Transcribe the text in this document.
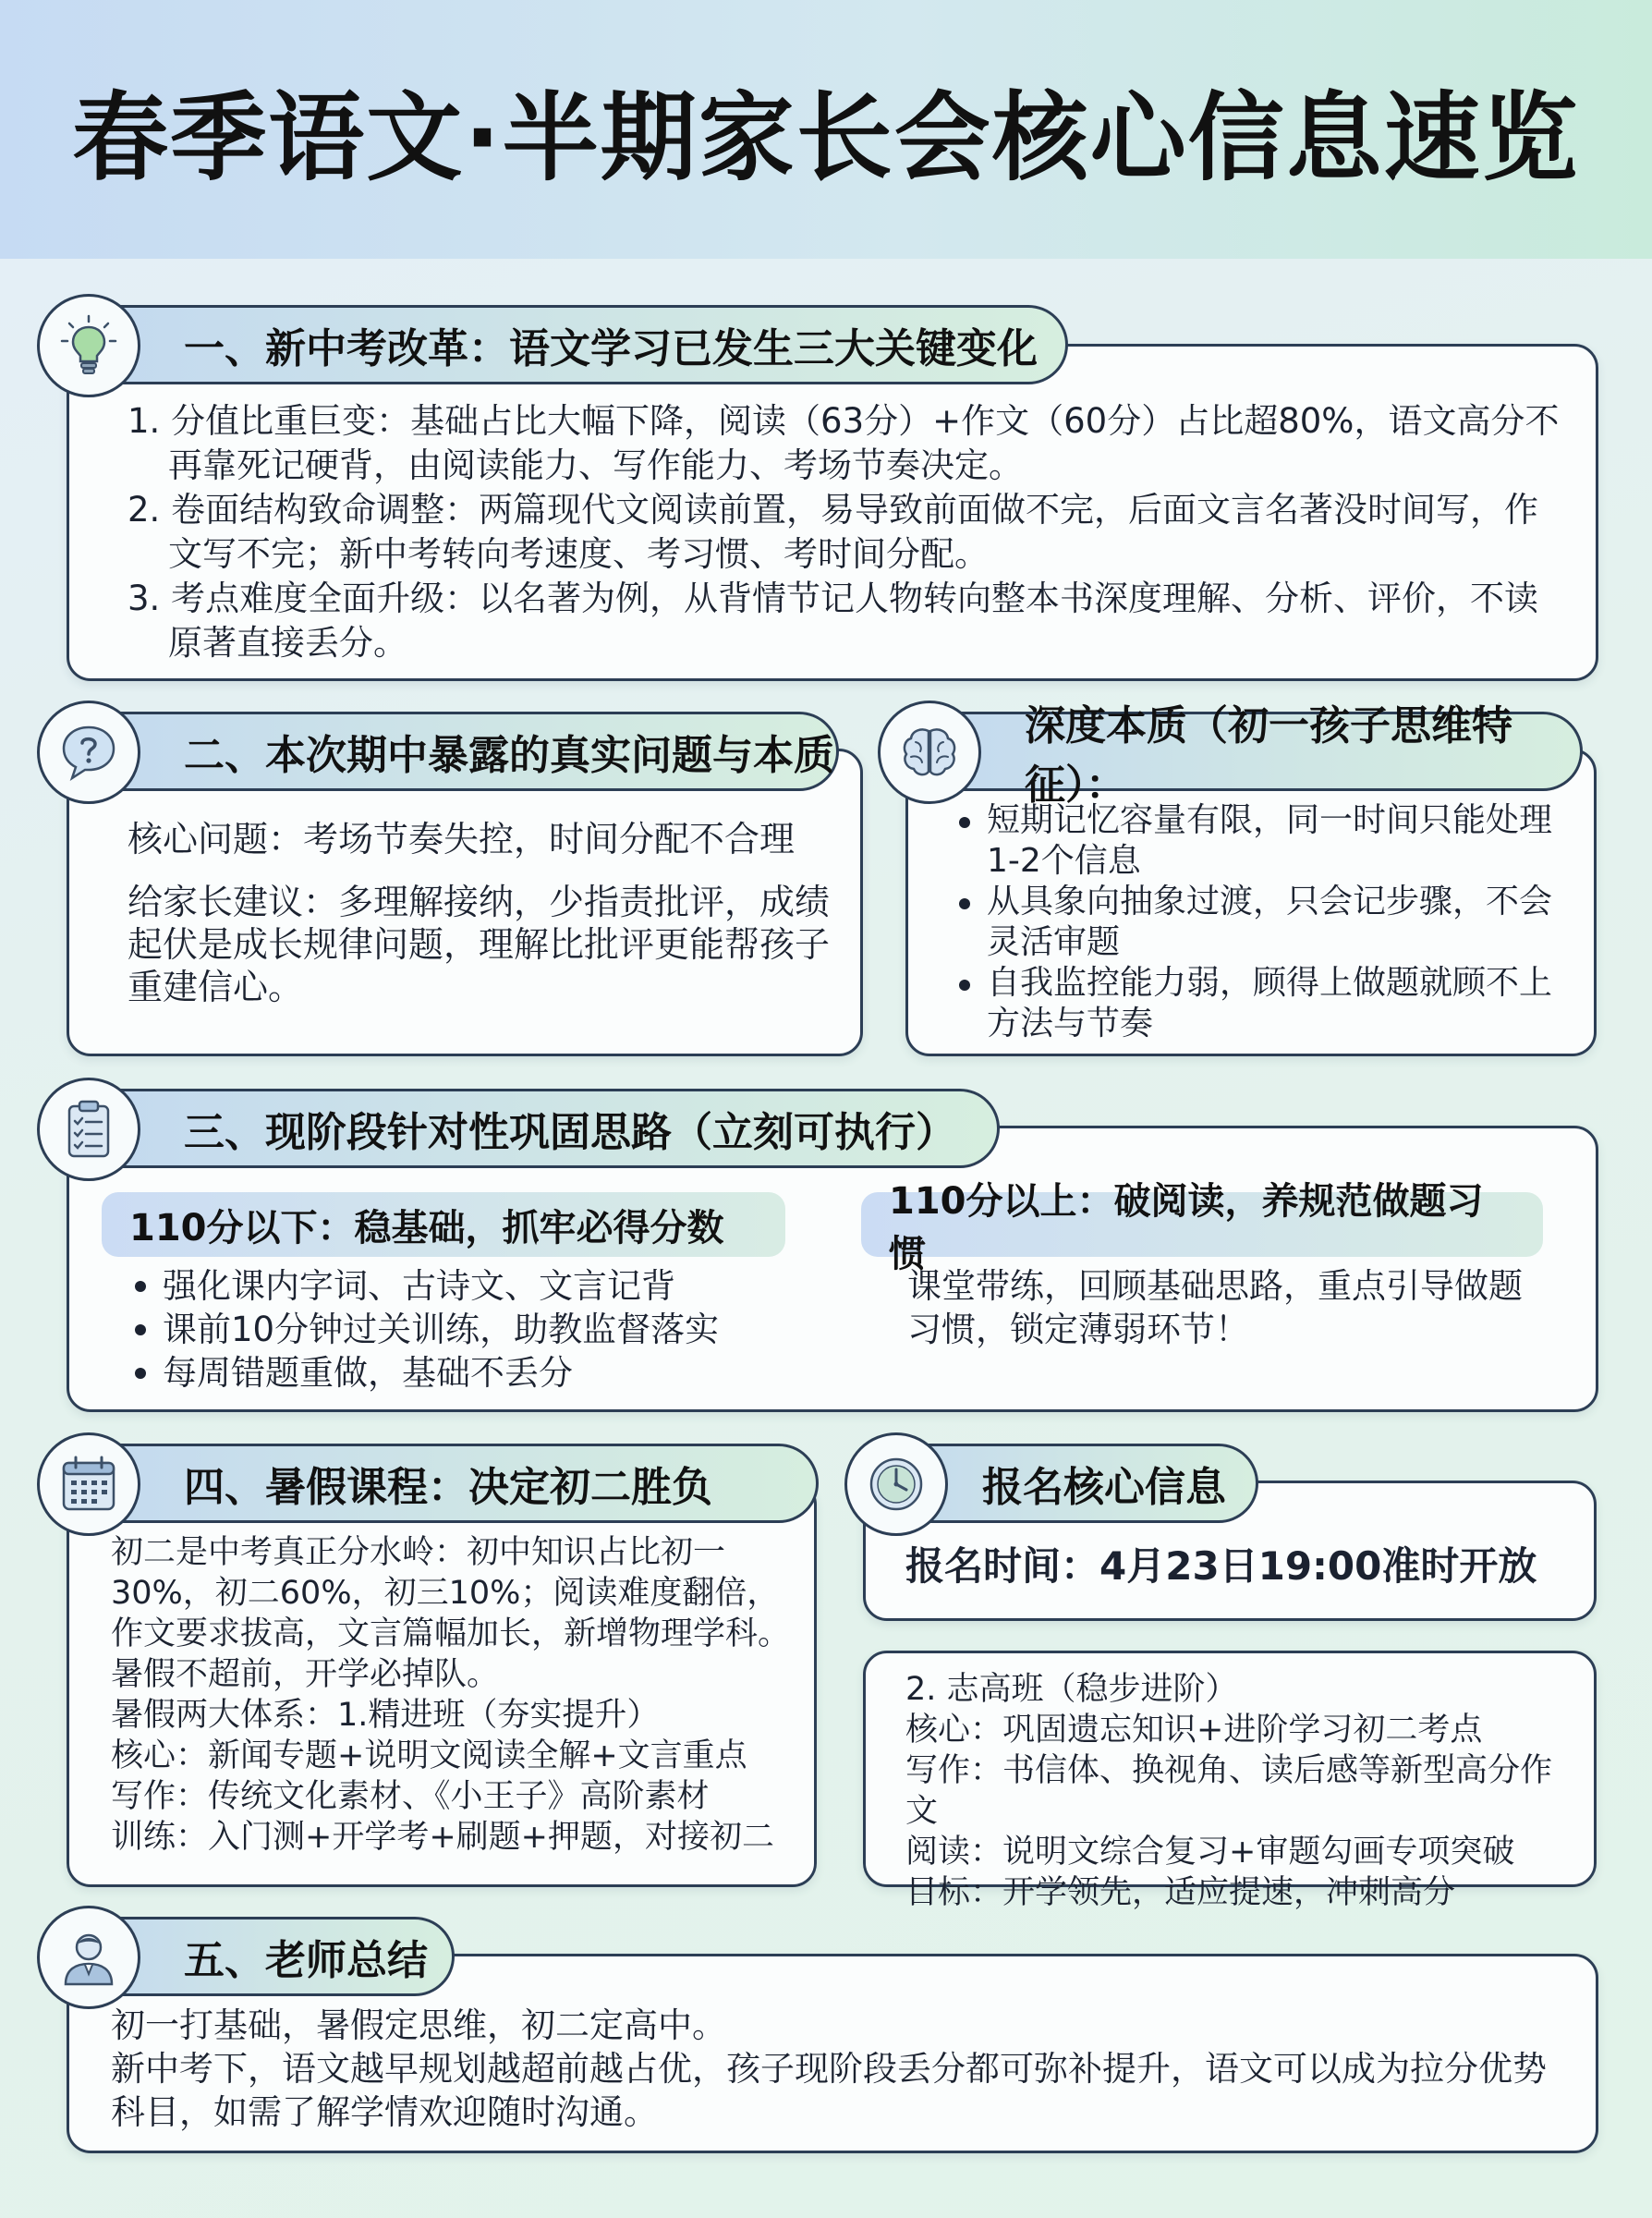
春季语文·半期家长会核心信息速览
一、新中考改革：语文学习已发生三大关键变化

1. 分值比重巨变：基础占比大幅下降，阅读（63分）+作文（60分）占比超80%，语文高分不再靠死记硬背，由阅读能力、写作能力、考场节奏决定。

2. 卷面结构致命调整：两篇现代文阅读前置，易导致前面做不完，后面文言名著没时间写，作文写不完；新中考转向考速度、考习惯、考时间分配。

3. 考点难度全面升级：以名著为例，从背情节记人物转向整本书深度理解、分析、评价，不读原著直接丢分。

二、本次期中暴露的真实问题与本质

核心问题：考场节奏失控，时间分配不合理

给家长建议：多理解接纳，少指责批评，成绩起伏是成长规律问题，理解比批评更能帮孩子重建信心。

深度本质（初一孩子思维特征）：
短期记忆容量有限，同一时间只能处理1-2个信息
从具象向抽象过渡，只会记步骤，不会灵活审题
自我监控能力弱，顾得上做题就顾不上方法与节奏
三、现阶段针对性巩固思路（立刻可执行）
110分以下：稳基础，抓牢必得分数
强化课内字词、古诗文、文言记背
课前10分钟过关训练，助教监督落实
每周错题重做，基础不丢分
110分以上：破阅读，养规范做题习惯
课堂带练，回顾基础思路，重点引导做题习惯，锁定薄弱环节！
四、暑假课程：决定初二胜负

初二是中考真正分水岭：初中知识占比初一30%，初二60%，初三10%；阅读难度翻倍，作文要求拔高，文言篇幅加长，新增物理学科。暑假不超前，开学必掉队。

暑假两大体系：1.精进班（夯实提升）

核心：新闻专题+说明文阅读全解+文言重点

写作：传统文化素材、《小王子》高阶素材

训练：入门测+开学考+刷题+押题，对接初二

报名核心信息
报名时间：4月23日19:00准时开放

2. 志高班（稳步进阶）

核心：巩固遗忘知识+进阶学习初二考点

写作：书信体、换视角、读后感等新型高分作文

阅读：说明文综合复习+审题勾画专项突破

目标：开学领先，适应提速，冲刺高分

五、老师总结

初一打基础，暑假定思维，初二定高中。

新中考下，语文越早规划越超前越占优，孩子现阶段丢分都可弥补提升，语文可以成为拉分优势科目，如需了解学情欢迎随时沟通。
